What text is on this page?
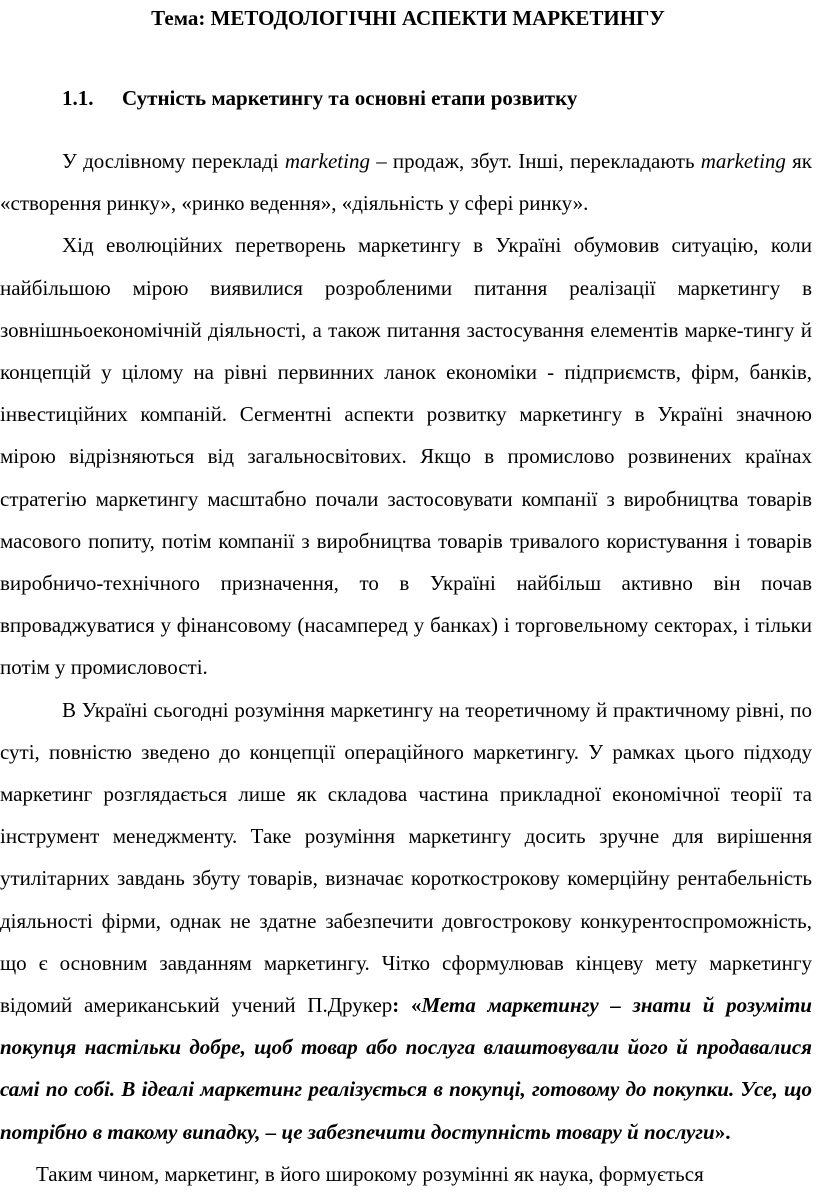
Тема: МЕТОДОЛОГІЧНІ АСПЕКТИ МАРКЕТИНГУ
1.1. Сутність маркетингу та основні етапи розвитку

У дослівному перекладі marketing – продаж, збут. Інші, перекладають marketing як «створення ринку», «ринко ведення», «діяльність у сфері ринку».

Хід еволюційних перетворень маркетингу в Україні обумовив ситуацію, коли найбільшою мірою виявилися розробленими питання реалізації маркетингу в зовнішньоекономічній діяльності, а також питання застосування елементів марке-тингу й концепцій у цілому на рівні первинних ланок економіки - підприємств, фірм, банків, інвестиційних компаній. Сегментні аспекти розвитку маркетингу в Україні значною мірою відрізняються від загальносвітових. Якщо в промислово розвинених країнах стратегію маркетингу масштабно почали застосовувати компанії з виробництва товарів масового попиту, потім компанії з виробництва товарів тривалого користування і товарів виробничо-технічного призначення, то в Україні найбільш активно він почав впроваджуватися у фінансовому (насамперед у банках) і торговельному секторах, і тільки потім у промисловості.

В Україні сьогодні розуміння маркетингу на теоретичному й практичному рівні, по суті, повністю зведено до концепції операційного маркетингу. У рамках цього підходу маркетинг розглядається лише як складова частина прикладної економічної теорії та інструмент менеджменту. Таке розуміння маркетингу досить зручне для вирішення утилітарних завдань збуту товарів, визначає короткострокову комерційну рентабельність діяльності фірми, однак не здатне забезпечити довгострокову конкурентоспроможність, що є основним завданням маркетингу. Чітко сформулював кінцеву мету маркетингу відомий американський учений П.Друкер: «Мета маркетингу – знати й розуміти покупця настільки добре, щоб товар або послуга влаштовували його й продавалися самі по собі. В ідеалі маркетинг реалізується в покупці, готовому до покупки. Усе, що потрібно в такому випадку, – це забезпечити доступність товару й послуги».

Таким чином, маркетинг, в його широкому розумінні як наука, формується
